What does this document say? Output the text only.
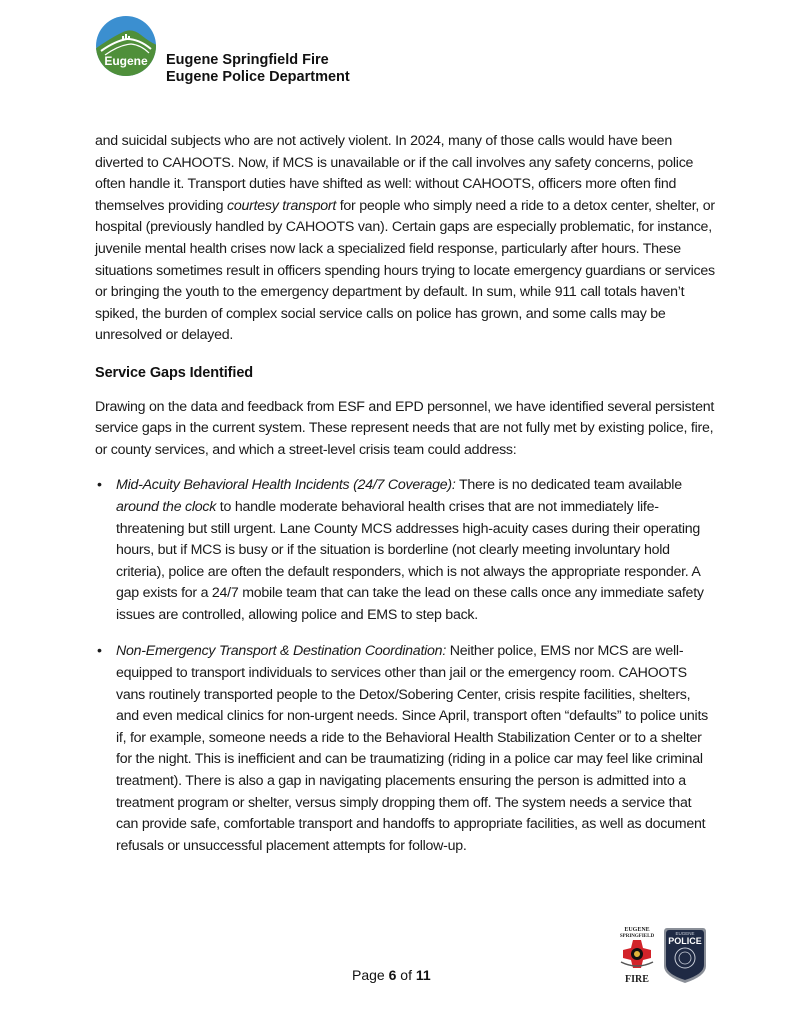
Eugene Eugene Springfield Fire
Eugene Police Department

and suicidal subjects who are not actively violent. In 2024, many of those calls would have been diverted to CAHOOTS. Now, if MCS is unavailable or if the call involves any safety concerns, police often handle it. Transport duties have shifted as well: without CAHOOTS, officers more often find themselves providing courtesy transport for people who simply need a ride to a detox center, shelter, or hospital (previously handled by CAHOOTS van). Certain gaps are especially problematic, for instance, juvenile mental health crises now lack a specialized field response, particularly after hours. These situations sometimes result in officers spending hours trying to locate emergency guardians or services or bringing the youth to the emergency department by default. In sum, while 911 call totals haven’t spiked, the burden of complex social service calls on police has grown, and some calls may be unresolved or delayed.

Service Gaps Identified

Drawing on the data and feedback from ESF and EPD personnel, we have identified several persistent service gaps in the current system. These represent needs that are not fully met by existing police, fire, or county services, and which a street-level crisis team could address:

• Mid-Acuity Behavioral Health Incidents (24/7 Coverage): There is no dedicated team available around the clock to handle moderate behavioral health crises that are not immediately life-threatening but still urgent. Lane County MCS addresses high-acuity cases during their operating hours, but if MCS is busy or if the situation is borderline (not clearly meeting involuntary hold criteria), police are often the default responders, which is not always the appropriate responder. A gap exists for a 24/7 mobile team that can take the lead on these calls once any immediate safety issues are controlled, allowing police and EMS to step back.
• Non-Emergency Transport & Destination Coordination: Neither police, EMS nor MCS are well-equipped to transport individuals to services other than jail or the emergency room. CAHOOTS vans routinely transported people to the Detox/Sobering Center, crisis respite facilities, shelters, and even medical clinics for non-urgent needs. Since April, transport often “defaults” to police units if, for example, someone needs a ride to the Behavioral Health Stabilization Center or to a shelter for the night. This is inefficient and can be traumatizing (riding in a police car may feel like criminal treatment). There is also a gap in navigating placements ensuring the person is admitted into a treatment program or shelter, versus simply dropping them off. The system needs a service that can provide safe, comfortable transport and handoffs to appropriate facilities, as well as document refusals or unsuccessful placement attempts for follow-up.
Page 6 of 11
EUGENE
SPRINGFIELD
FIRE
EUGENE
POLICE
